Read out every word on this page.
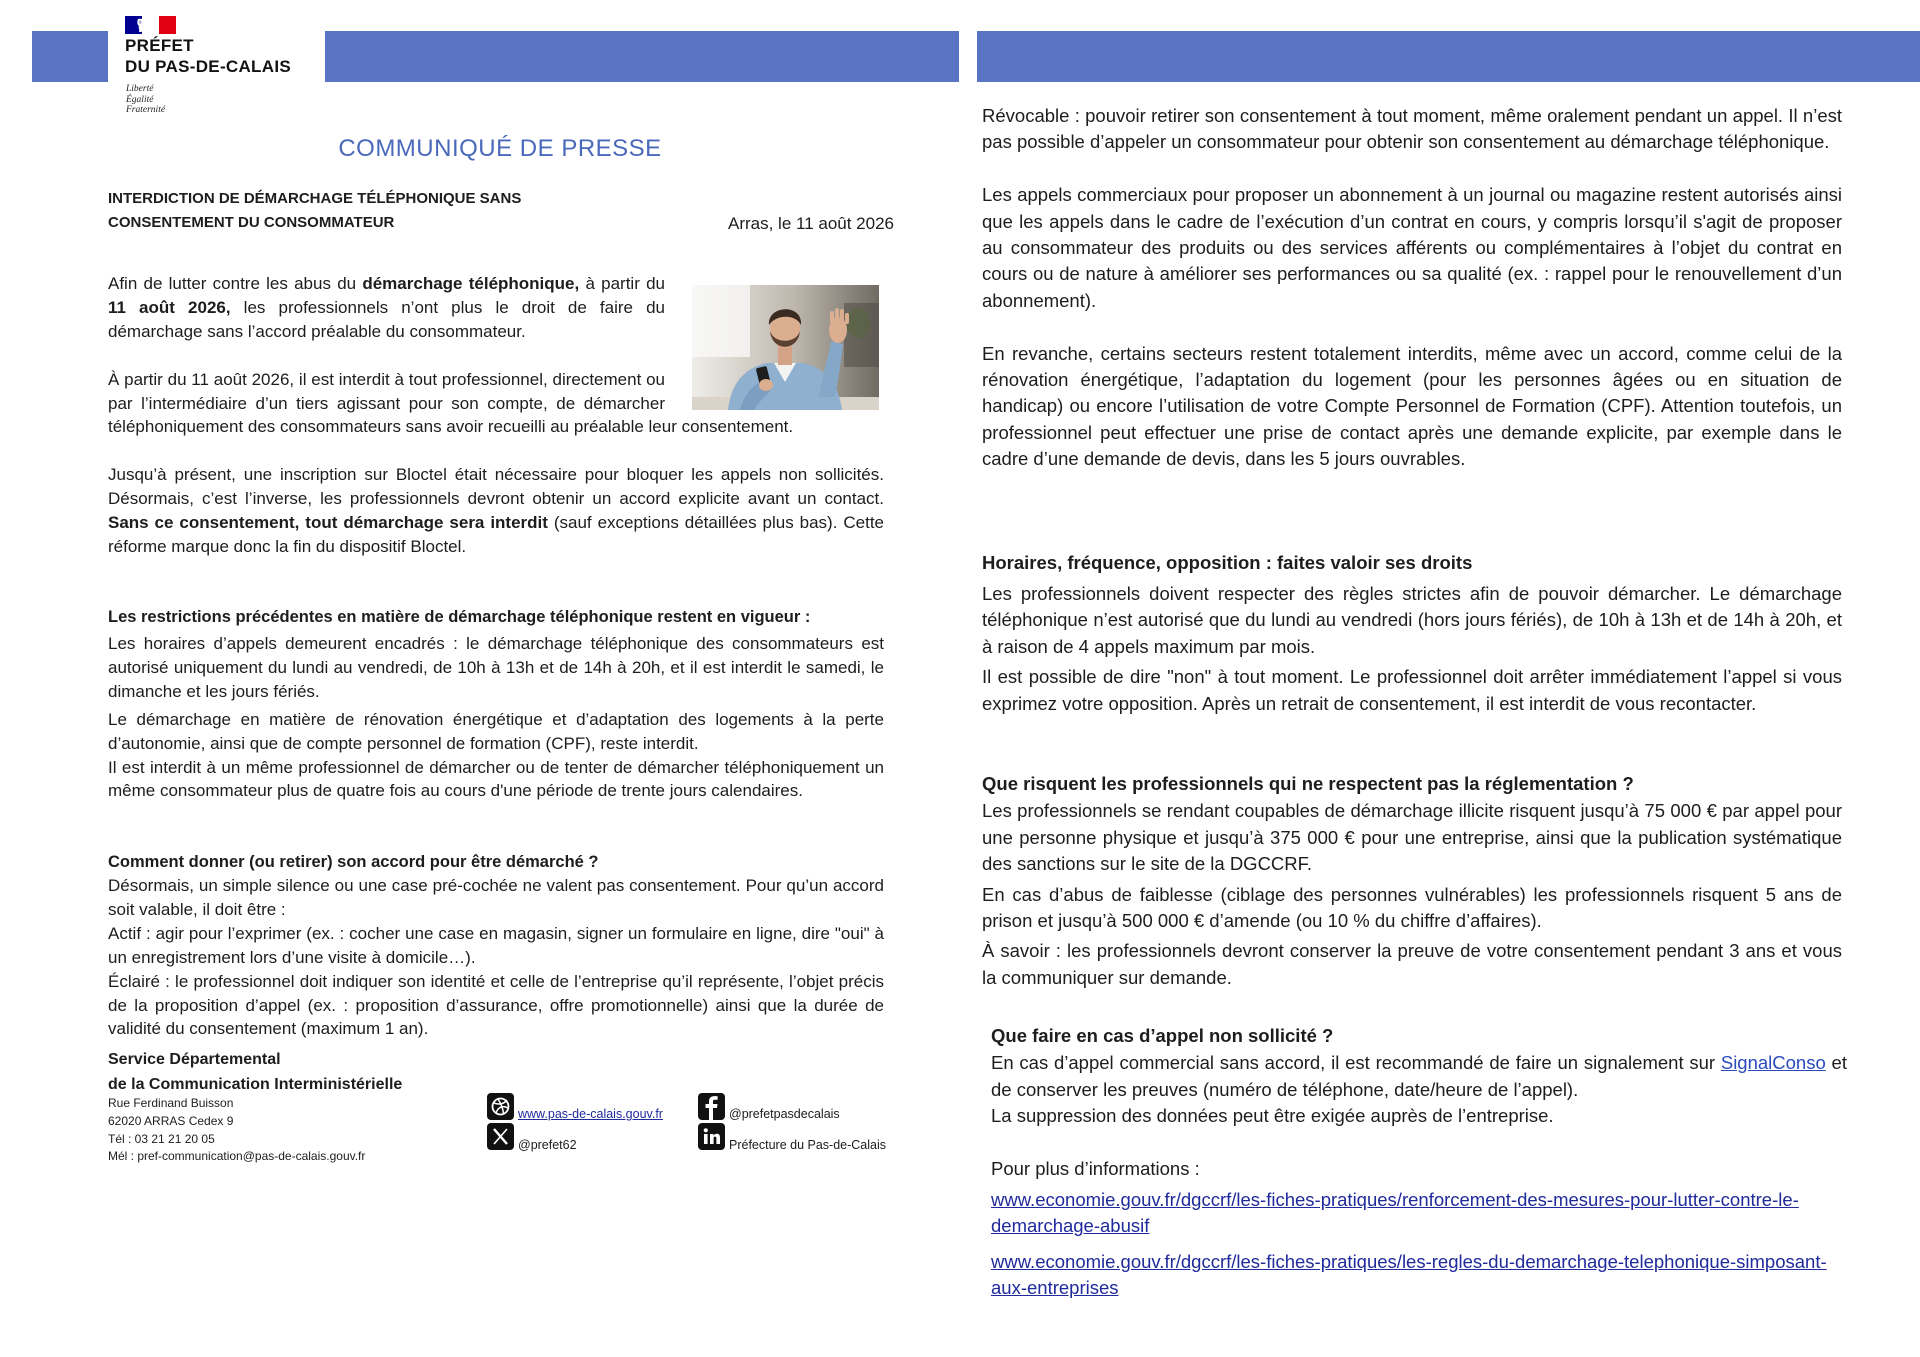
PRÉFET
DU PAS-DE-CALAIS
Liberté
Égalité
Fraternité
COMMUNIQUÉ DE PRESSE
INTERDICTION DE DÉMARCHAGE TÉLÉPHONIQUE SANS
CONSENTEMENT DU CONSOMMATEUR	Arras, le 11 août 2026

Afin de lutter contre les abus du démarchage téléphonique, à partir du 11 août 2026, les professionnels n’ont plus le droit de faire du démarchage sans l’accord préalable du consommateur.

À partir du 11 août 2026, il est interdit à tout professionnel, directement ou par l’intermédiaire d’un tiers agissant pour son compte, de démarcher téléphoniquement des consommateurs sans avoir recueilli au préalable leur consentement.

Jusqu’à présent, une inscription sur Bloctel était nécessaire pour bloquer les appels non sollicités. Désormais, c’est l’inverse, les professionnels devront obtenir un accord explicite avant un contact. Sans ce consentement, tout démarchage sera interdit (sauf exceptions détaillées plus bas). Cette réforme marque donc la fin du dispositif Bloctel.

Les restrictions précédentes en matière de démarchage téléphonique restent en vigueur :

Les horaires d’appels demeurent encadrés : le démarchage téléphonique des consommateurs est autorisé uniquement du lundi au vendredi, de 10h à 13h et de 14h à 20h, et il est interdit le samedi, le dimanche et les jours fériés.

Le démarchage en matière de rénovation énergétique et d’adaptation des logements à la perte d’autonomie, ainsi que de compte personnel de formation (CPF), reste interdit.

Il est interdit à un même professionnel de démarcher ou de tenter de démarcher téléphoniquement un même consommateur plus de quatre fois au cours d'une période de trente jours calendaires.

Comment donner (ou retirer) son accord pour être démarché ?

Désormais, un simple silence ou une case pré-cochée ne valent pas consentement. Pour qu’un accord soit valable, il doit être :

Actif : agir pour l’exprimer (ex. : cocher une case en magasin, signer un formulaire en ligne, dire "oui" à un enregistrement lors d’une visite à domicile…).

Éclairé : le professionnel doit indiquer son identité et celle de l’entreprise qu’il représente, l’objet précis de la proposition d’appel (ex. : proposition d’assurance, offre promotionnelle) ainsi que la durée de validité du consentement (maximum 1 an).

Service Départemental
de la Communication Interministérielle
Rue Ferdinand Buisson
62020 ARRAS Cedex 9
Tél : 03 21 21 20 05
Mél : pref-communication@pas-de-calais.gouv.fr
www.pas-de-calais.gouv.fr
@prefet62
@prefetpasdecalais
Préfecture du Pas-de-Calais

Révocable : pouvoir retirer son consentement à tout moment, même oralement pendant un appel. Il n’est pas possible d’appeler un consommateur pour obtenir son consentement au démarchage téléphonique.

Les appels commerciaux pour proposer un abonnement à un journal ou magazine restent autorisés ainsi que les appels dans le cadre de l’exécution d’un contrat en cours, y compris lorsqu’il s'agit de proposer au consommateur des produits ou des services afférents ou complémentaires à l’objet du contrat en cours ou de nature à améliorer ses performances ou sa qualité (ex. : rappel pour le renouvellement d’un abonnement).

En revanche, certains secteurs restent totalement interdits, même avec un accord, comme celui de la rénovation énergétique, l’adaptation du logement (pour les personnes âgées ou en situation de handicap) ou encore l’utilisation de votre Compte Personnel de Formation (CPF). Attention toutefois, un professionnel peut effectuer une prise de contact après une demande explicite, par exemple dans le cadre d’une demande de devis, dans les 5 jours ouvrables.

Horaires, fréquence, opposition : faites valoir ses droits

Les professionnels doivent respecter des règles strictes afin de pouvoir démarcher. Le démarchage téléphonique n’est autorisé que du lundi au vendredi (hors jours fériés), de 10h à 13h et de 14h à 20h, et à raison de 4 appels maximum par mois.

Il est possible de dire "non" à tout moment. Le professionnel doit arrêter immédiatement l’appel si vous exprimez votre opposition. Après un retrait de consentement, il est interdit de vous recontacter.

Que risquent les professionnels qui ne respectent pas la réglementation ?

Les professionnels se rendant coupables de démarchage illicite risquent jusqu’à 75 000 € par appel pour une personne physique et jusqu’à 375 000 € pour une entreprise, ainsi que la publication systématique des sanctions sur le site de la DGCCRF.

En cas d’abus de faiblesse (ciblage des personnes vulnérables) les professionnels risquent 5 ans de prison et jusqu’à 500 000 € d’amende (ou 10 % du chiffre d’affaires).

À savoir : les professionnels devront conserver la preuve de votre consentement pendant 3 ans et vous la communiquer sur demande.

Que faire en cas d’appel non sollicité ?

En cas d’appel commercial sans accord, il est recommandé de faire un signalement sur SignalConso et de conserver les preuves (numéro de téléphone, date/heure de l’appel).

La suppression des données peut être exigée auprès de l’entreprise.

Pour plus d’informations :

www.economie.gouv.fr/dgccrf/les-fiches-pratiques/renforcement-des-mesures-pour-lutter-contre-le-demarchage-abusif

www.economie.gouv.fr/dgccrf/les-fiches-pratiques/les-regles-du-demarchage-telephonique-simposant-aux-entreprises
